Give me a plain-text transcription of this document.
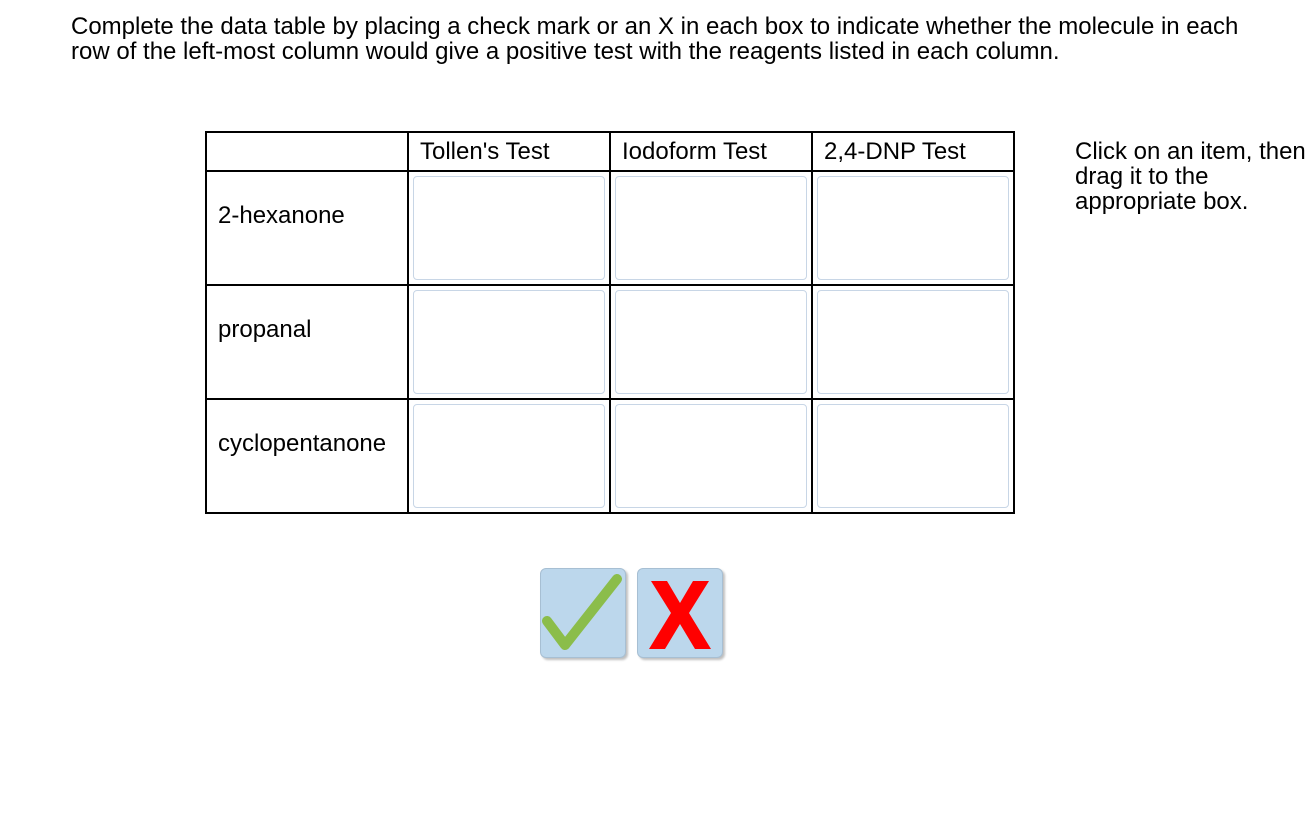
Complete the data table by placing a check mark or an X in each box to indicate whether the molecule in each row of the left-most column would give a positive test with the reagents listed in each column.

	Tollen's Test	Iodoform Test	2,4-DNP Test

2-hexanone			

propanal			

cyclopentanone			

Click on an item, then drag it to the appropriate box.
